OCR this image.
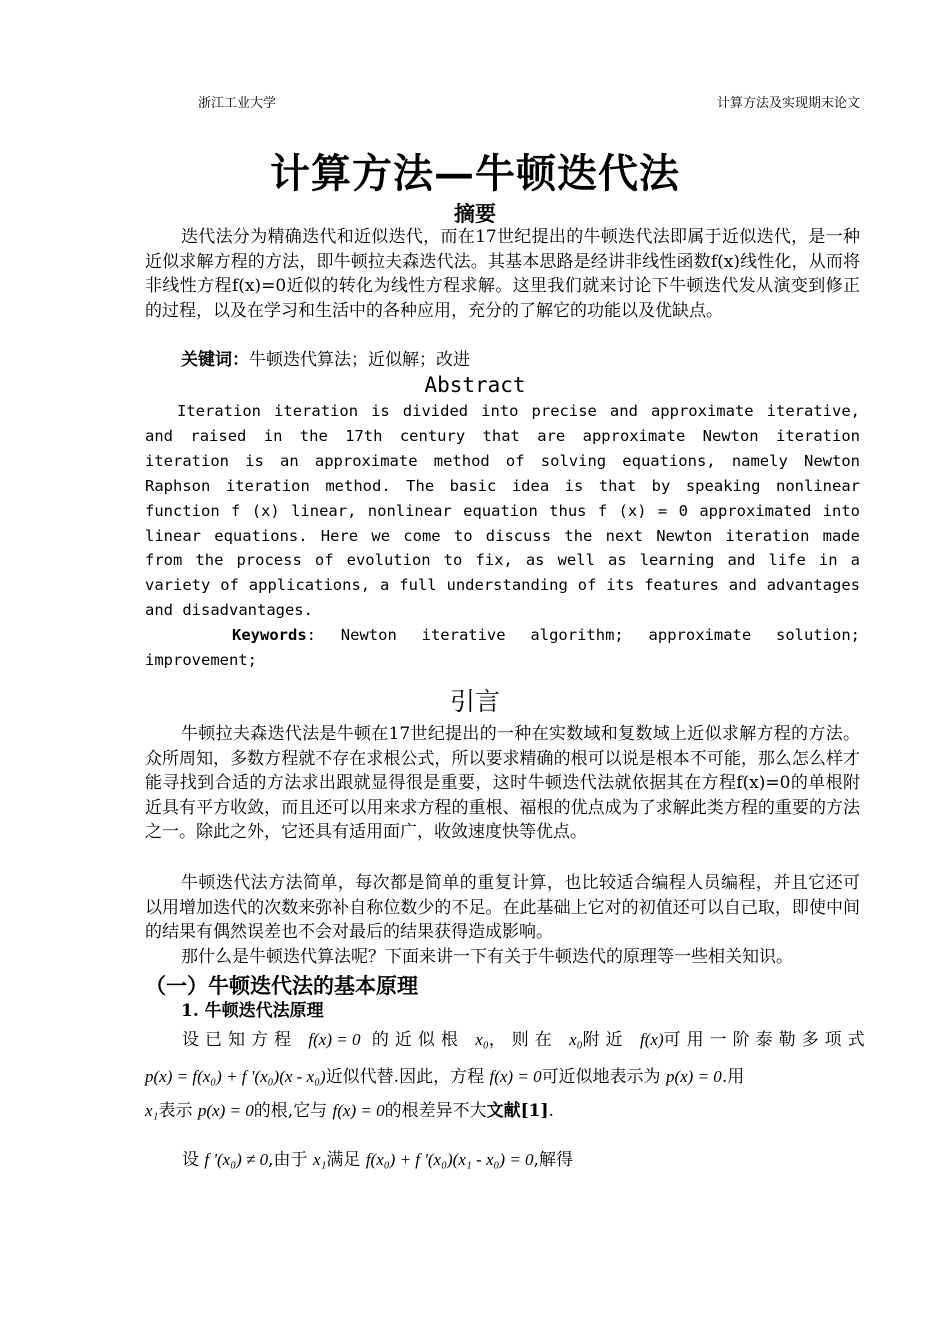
浙江工业大学	计算方法及实现期末论文
计算方法—牛顿迭代法
摘要
迭代法分为精确迭代和近似迭代，而在17世纪提出的牛顿迭代法即属于近似迭代，是一种近似求解方程的方法，即牛顿拉夫森迭代法。其基本思路是经讲非线性函数f(x)线性化，从而将非线性方程f(x)=0近似的转化为线性方程求解。这里我们就来讨论下牛顿迭代发从演变到修正的过程，以及在学习和生活中的各种应用，充分的了解它的功能以及优缺点。
关键词：牛顿迭代算法；近似解；改进
Abstract
Iteration iteration is divided into precise and approximate iterative, and raised in the 17th century that are approximate Newton iteration iteration is an approximate method of solving equations, namely Newton Raphson iteration method. The basic idea is that by speaking nonlinear function f (x) linear, nonlinear equation thus f (x) = 0 approximated into linear equations. Here we come to discuss the next Newton iteration made from the process of evolution to fix, as well as learning and life in a variety of applications, a full understanding of its features and advantages and disadvantages.
Keywords: Newton iterative algorithm; approximate solution; improvement;
引言
牛顿拉夫森迭代法是牛顿在17世纪提出的一种在实数域和复数域上近似求解方程的方法。众所周知，多数方程就不存在求根公式，所以要求精确的根可以说是根本不可能，那么怎么样才能寻找到合适的方法求出跟就显得很是重要，这时牛顿迭代法就依据其在方程f(x)=0的单根附近具有平方收敛，而且还可以用来求方程的重根、福根的优点成为了求解此类方程的重要的方法之一。除此之外，它还具有适用面广，收敛速度快等优点。
牛顿迭代法方法简单，每次都是简单的重复计算，也比较适合编程人员编程，并且它还可以用增加迭代的次数来弥补自称位数少的不足。在此基础上它对的初值还可以自己取，即使中间的结果有偶然误差也不会对最后的结果获得造成影响。
那什么是牛顿迭代算法呢？下面来讲一下有关于牛顿迭代的原理等一些相关知识。
（一）牛顿迭代法的基本原理
1. 牛顿迭代法原理
设已知方程 f(x) = 0 的近似根 x₀，则在 x₀附近 f(x)可用一阶泰勒多项式
p(x) = f(x₀) + f '(x₀)(x - x₀)近似代替.因此，方程 f(x) = 0可近似地表示为 p(x) = 0.用
x₁表示 p(x) = 0的根,它与 f(x) = 0的根差异不大文献[1].
设 f '(x₀) ≠ 0,由于 x₁满足 f(x₀) + f '(x₀)(x₁ - x₀) = 0,解得
